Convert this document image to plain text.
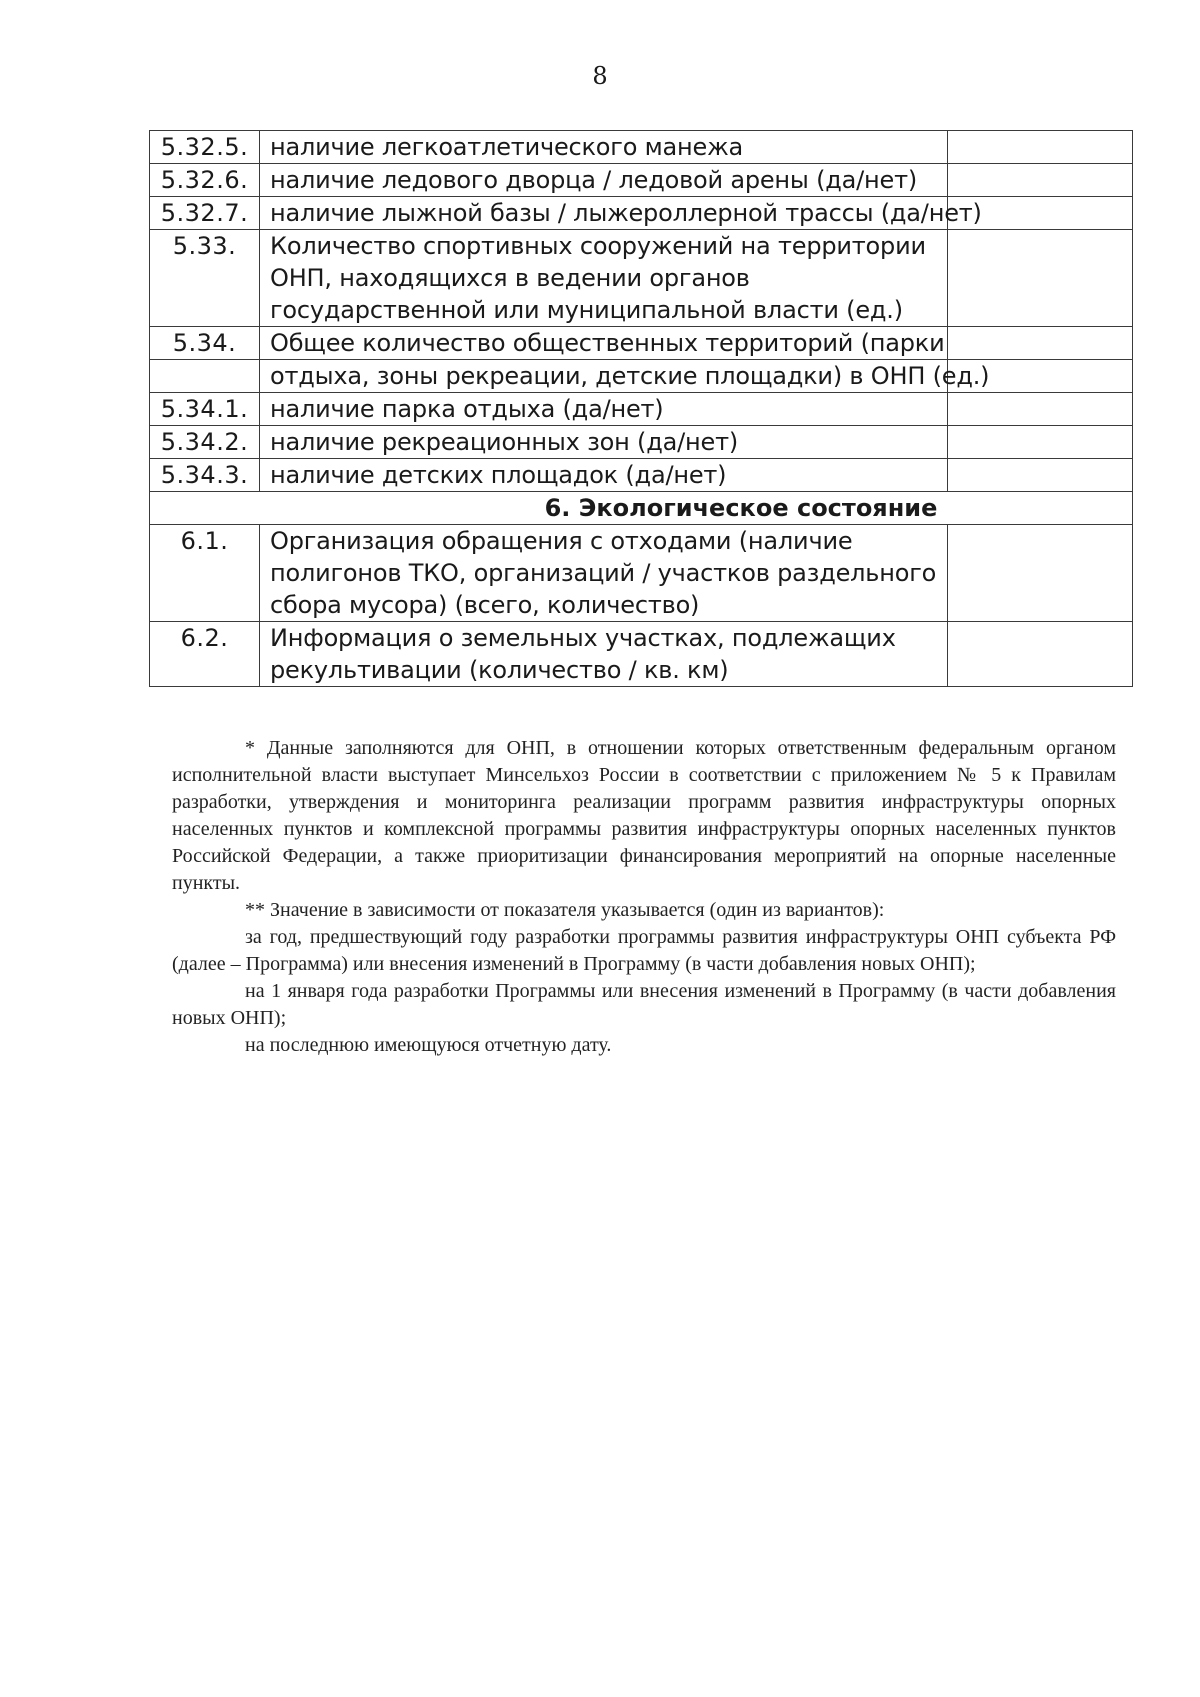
8
5.32.5.	наличие легкоатлетического манежа	

5.32.6.	наличие ледового дворца / ледовой арены (да/нет)	

5.32.7.	наличие лыжной базы / лыжероллерной трассы (да/нет)	

5.33.	Количество спортивных сооружений на территории
ОНП, находящихся в ведении органов
государственной или муниципальной власти (ед.)	

5.34.	Общее количество общественных территорий (парки	

	отдыха, зоны рекреации, детские площадки) в ОНП (ед.)	

5.34.1.	наличие парка отдыха (да/нет)	

5.34.2.	наличие рекреационных зон (да/нет)	

5.34.3.	наличие детских площадок (да/нет)	

6. Экологическое состояние		
6.1.	Организация обращения с отходами (наличие
полигонов ТКО, организаций / участков раздельного
сбора мусора) (всего, количество)	

6.2.	Информация о земельных участках, подлежащих
рекультивации (количество / кв. км)	

* Данные заполняются для ОНП, в отношении которых ответственным федеральным органом исполнительной власти выступает Минсельхоз России в соответствии с приложением № 5 к Правилам разработки, утверждения и мониторинга реализации программ развития инфраструктуры опорных населенных пунктов и комплексной программы развития инфраструктуры опорных населенных пунктов Российской Федерации, а также приоритизации финансирования мероприятий на опорные населенные пункты.

** Значение в зависимости от показателя указывается (один из вариантов):

за год, предшествующий году разработки программы развития инфраструктуры ОНП субъекта РФ (далее – Программа) или внесения изменений в Программу (в части добавления новых ОНП);

на 1 января года разработки Программы или внесения изменений в Программу (в части добавления новых ОНП);

на последнюю имеющуюся отчетную дату.
